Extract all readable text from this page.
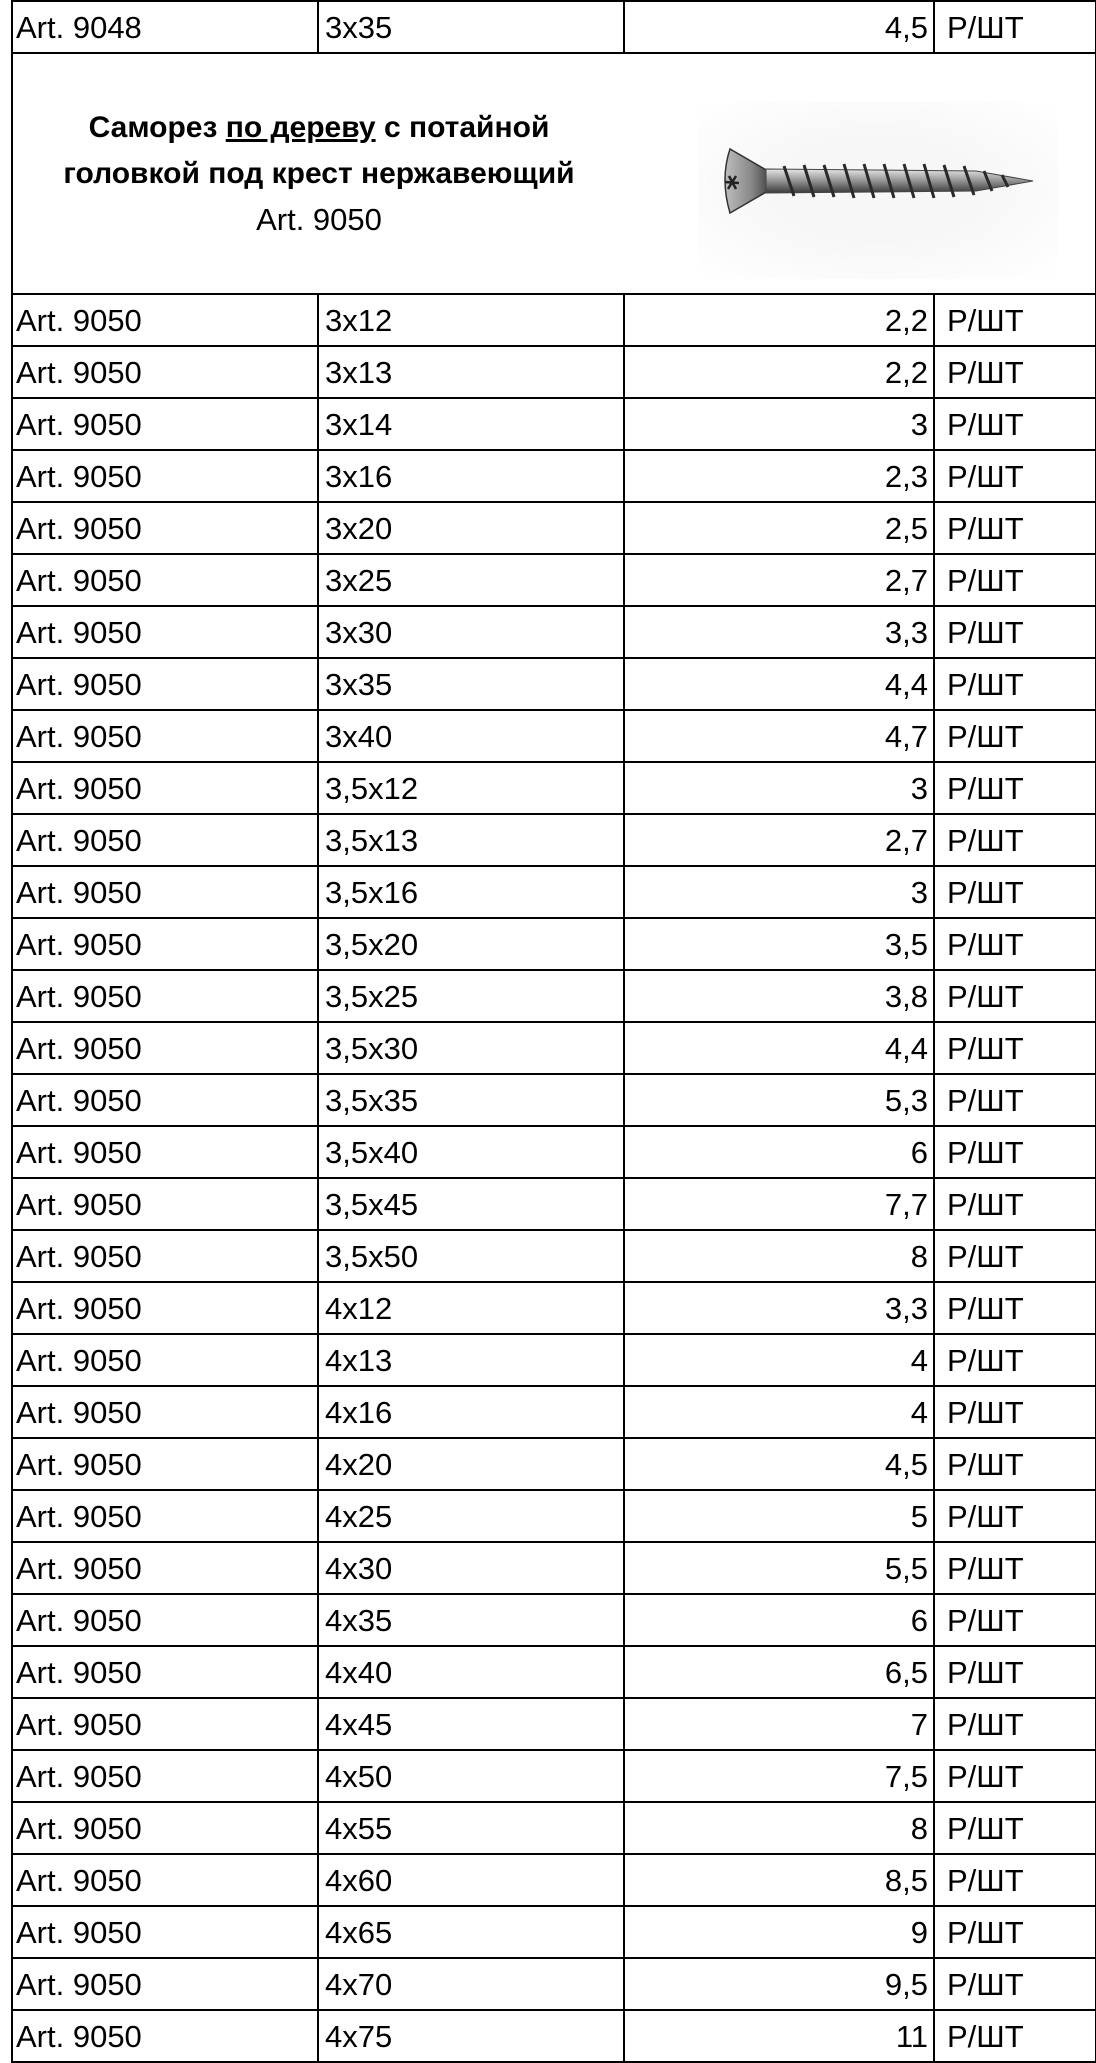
Art. 9048	3x35	4,5	Р/ШТ

Саморез по дереву с потайной
головкой под крест нержавеющий
Art. 9050			

Art. 9050	3x12	2,2	Р/ШТ
Art. 9050	3x13	2,2	Р/ШТ
Art. 9050	3x14	3	Р/ШТ
Art. 9050	3x16	2,3	Р/ШТ
Art. 9050	3x20	2,5	Р/ШТ
Art. 9050	3x25	2,7	Р/ШТ
Art. 9050	3x30	3,3	Р/ШТ
Art. 9050	3x35	4,4	Р/ШТ
Art. 9050	3x40	4,7	Р/ШТ
Art. 9050	3,5x12	3	Р/ШТ
Art. 9050	3,5x13	2,7	Р/ШТ
Art. 9050	3,5x16	3	Р/ШТ
Art. 9050	3,5x20	3,5	Р/ШТ
Art. 9050	3,5x25	3,8	Р/ШТ
Art. 9050	3,5x30	4,4	Р/ШТ
Art. 9050	3,5x35	5,3	Р/ШТ
Art. 9050	3,5x40	6	Р/ШТ
Art. 9050	3,5x45	7,7	Р/ШТ
Art. 9050	3,5x50	8	Р/ШТ
Art. 9050	4x12	3,3	Р/ШТ
Art. 9050	4x13	4	Р/ШТ
Art. 9050	4x16	4	Р/ШТ
Art. 9050	4x20	4,5	Р/ШТ
Art. 9050	4x25	5	Р/ШТ
Art. 9050	4x30	5,5	Р/ШТ
Art. 9050	4x35	6	Р/ШТ
Art. 9050	4x40	6,5	Р/ШТ
Art. 9050	4x45	7	Р/ШТ
Art. 9050	4x50	7,5	Р/ШТ
Art. 9050	4x55	8	Р/ШТ
Art. 9050	4x60	8,5	Р/ШТ
Art. 9050	4x65	9	Р/ШТ
Art. 9050	4x70	9,5	Р/ШТ
Art. 9050	4x75	11	Р/ШТ
